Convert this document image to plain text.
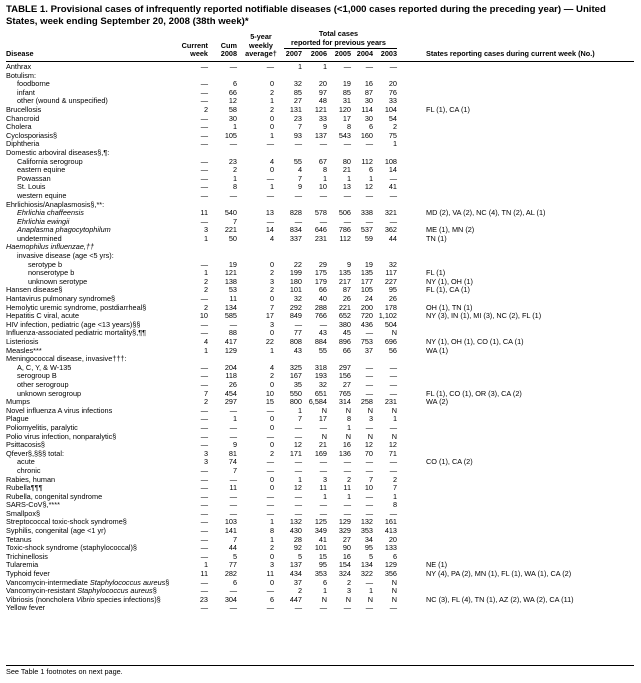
TABLE 1. Provisional cases of infrequently reported notifiable diseases (<1,000 cases reported during the preceding year) — United States, week ending September 20, 2008 (38th week)*
Total cases
reported for previous years
5-year
weekly
average†
Current
week
Cum
2008
Disease	2007	2006	2005 2004	2003	States reporting cases during current week (No.)
Anthrax	—	—	—	1	1	—	—	—
Botulism:
foodborne	—	6	0	32	20	19	16	20
infant	—	66	2	85	97	85	87	76
other (wound & unspecified)	—	12	1	27	48	31	30	33
Brucellosis	2	58	2	131	121	120	114	104	FL (1), CA (1)
Chancroid	—	30	0	23	33	17	30	54
Cholera	—	1	0	7	9	8	6	2
Cyclosporiasis§	—	105	1	93	137	543	160	75
Diphtheria	—	—	—	—	—	—	—	1
Domestic arboviral diseases§,¶:
California serogroup	—	23	4	55	67	80	112	108
eastern equine	—	2	0	4	8	21	6	14
Powassan	—	1	—	7	1	1	1	—
St. Louis	—	8	1	9	10	13	12	41
western equine	—	—	—	—	—	—	—	—
Ehrlichiosis/Anaplasmosis§,**:
Ehrlichia chaffeensis	11	540	13	828	578	506	338	321	MD (2), VA (2), NC (4), TN (2), AL (1)
Ehrlichia ewingii	—	7	—	—	—	—	—	—
Anaplasma phagocytophilum	3	221	14	834	646	786	537	362	ME (1), MN (2)
undetermined	1	50	4	337	231	112	59	44	TN (1)
Haemophilus influenzae,††
invasive disease (age <5 yrs):
serotype b	—	19	0	22	29	9	19	32
nonserotype b	1	121	2	199	175	135	135	117	FL (1)
unknown serotype	2	138	3	180	179	217	177	227	NY (1), OH (1)
Hansen disease§	2	53	2	101	66	87	105	95	FL (1), CA (1)
Hantavirus pulmonary syndrome§	—	11	0	32	40	26	24	26
Hemolytic uremic syndrome, postdiarrheal§	2	134	7	292	288	221	200	178	OH (1), TN (1)
Hepatitis C viral, acute	10	585	17	849	766	652	720 1,102	NY (3), IN (1), MI (3), NC (2), FL (1)
HIV infection, pediatric (age <13 years)§§	—	—	3	—	—	380	436	504
Influenza-associated pediatric mortality§,¶¶	—	88	0	77	43	45	—	N
Listeriosis	4	417	22	808	884	896	753	696	NY (1), OH (1), CO (1), CA (1)
Measles***	1	129	1	43	55	66	37	56	WA (1)
Meningococcal disease, invasive†††:
A, C, Y, & W-135	—	204	4	325	318	297	—	—
serogroup B	—	118	2	167	193	156	—	—
other serogroup	—	26	0	35	32	27	—	—
unknown serogroup	7	454	10	550	651	765	—	—	FL (1), CO (1), OR (3), CA (2)
Mumps	2	297	15	800 6,584	314	258	231	WA (2)
Novel influenza A virus infections	—	—	—	1	N	N	N	N
Plague	—	1	0	7	17	8	3	1
Poliomyelitis, paralytic	—	—	0	—	—	1	—	—
Polio virus infection, nonparalytic§	—	—	—	—	N	N	N	N
Psittacosis§	—	9	0	12	21	16	12	12
Qfever§,§§§ total:	3	81	2	171	169	136	70	71
acute	3	74	—	—	—	—	—	—	CO (1), CA (2)
chronic	—	7	—	—	—	—	—	—
Rabies, human	—	—	0	1	3	2	7	2
Rubella¶¶¶	—	11	0	12	11	11	10	7
Rubella, congenital syndrome	—	—	—	—	1	1	—	1
SARS-CoV§,****	—	—	—	—	—	—	—	8
Smallpox§	—	—	—	—	—	—	—	—
Streptococcal toxic-shock syndrome§	—	103	1	132	125	129	132	161
Syphilis, congenital (age <1 yr)	—	141	8	430	349	329	353	413
Tetanus	—	7	1	28	41	27	34	20
Toxic-shock syndrome (staphylococcal)§	—	44	2	92	101	90	95	133
Trichinellosis	—	5	0	5	15	16	5	6
Tularemia	1	77	3	137	95	154	134	129	NE (1)
Typhoid fever	11	282	11	434	353	324	322	356	NY (4), PA (2), MN (1), FL (1), WA (1), CA (2)
Vancomycin-intermediate Staphylococcus aureus§	—	6	0	37	6	2	—	N
Vancomycin-resistant Staphylococcus aureus§	—	—	—	2	1	3	1	N
Vibriosis (noncholera Vibrio species infections)§	23	304	6	447	N	N	N	N	NC (3), FL (4), TN (1), AZ (2), WA (2), CA (11)
Yellow fever	—	—	—	—	—	—	—	—
See Table 1 footnotes on next page.
